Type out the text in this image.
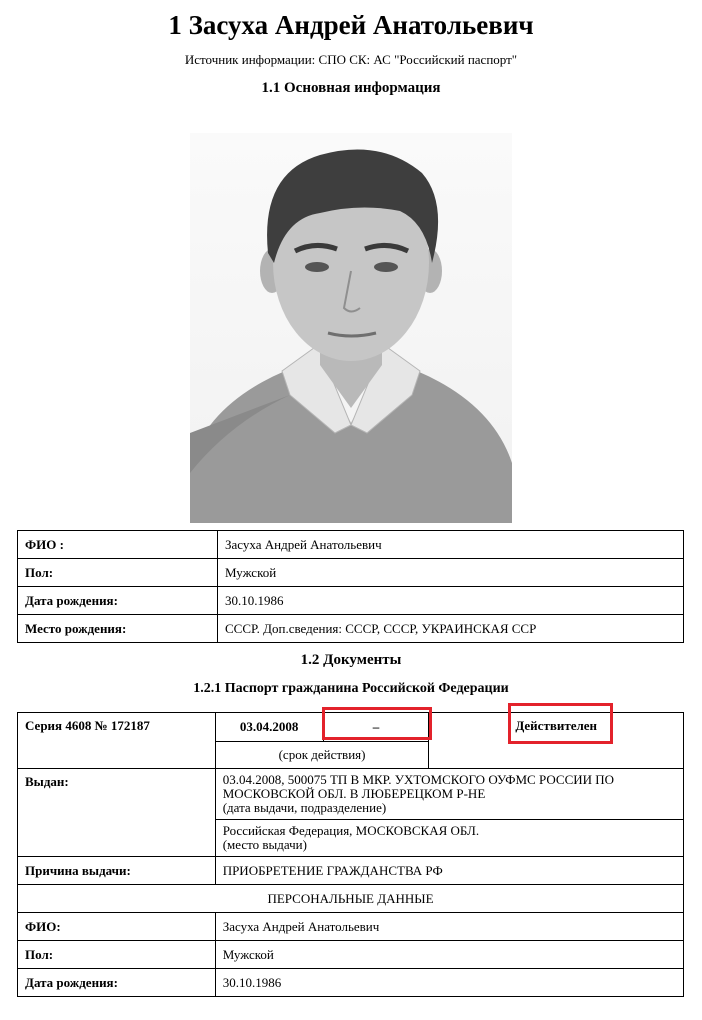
1 Засуха Андрей Анатольевич
Источник информации: СПО СК: АС "Российский паспорт"
1.1 Основная информация
ФИО :	Засуха Андрей Анатольевич
Пол:	Мужской
Дата рождения:	30.10.1986
Место рождения:	СССР. Доп.сведения: СССР, СССР, УКРАИНСКАЯ ССР
1.2 Документы
1.2.1 Паспорт гражданина Российской Федерации
Серия 4608 № 172187	03.04.2008	–	Действителен
	(срок действия)		
Выдан:	03.04.2008, 500075 ТП В МКР. УХТОМСКОГО ОУФМС РОССИИ ПО МОСКОВСКОЙ ОБЛ. В ЛЮБЕРЕЦКОМ Р-НЕ
(дата выдачи, подразделение)		
	Российская Федерация, МОСКОВСКАЯ ОБЛ.
(место выдачи)		
Причина выдачи:	ПРИОБРЕТЕНИЕ ГРАЖДАНСТВА РФ		
ПЕРСОНАЛЬНЫЕ ДАННЫЕ			
ФИО:	Засуха Андрей Анатольевич		
Пол:	Мужской		
Дата рождения:	30.10.1986		
